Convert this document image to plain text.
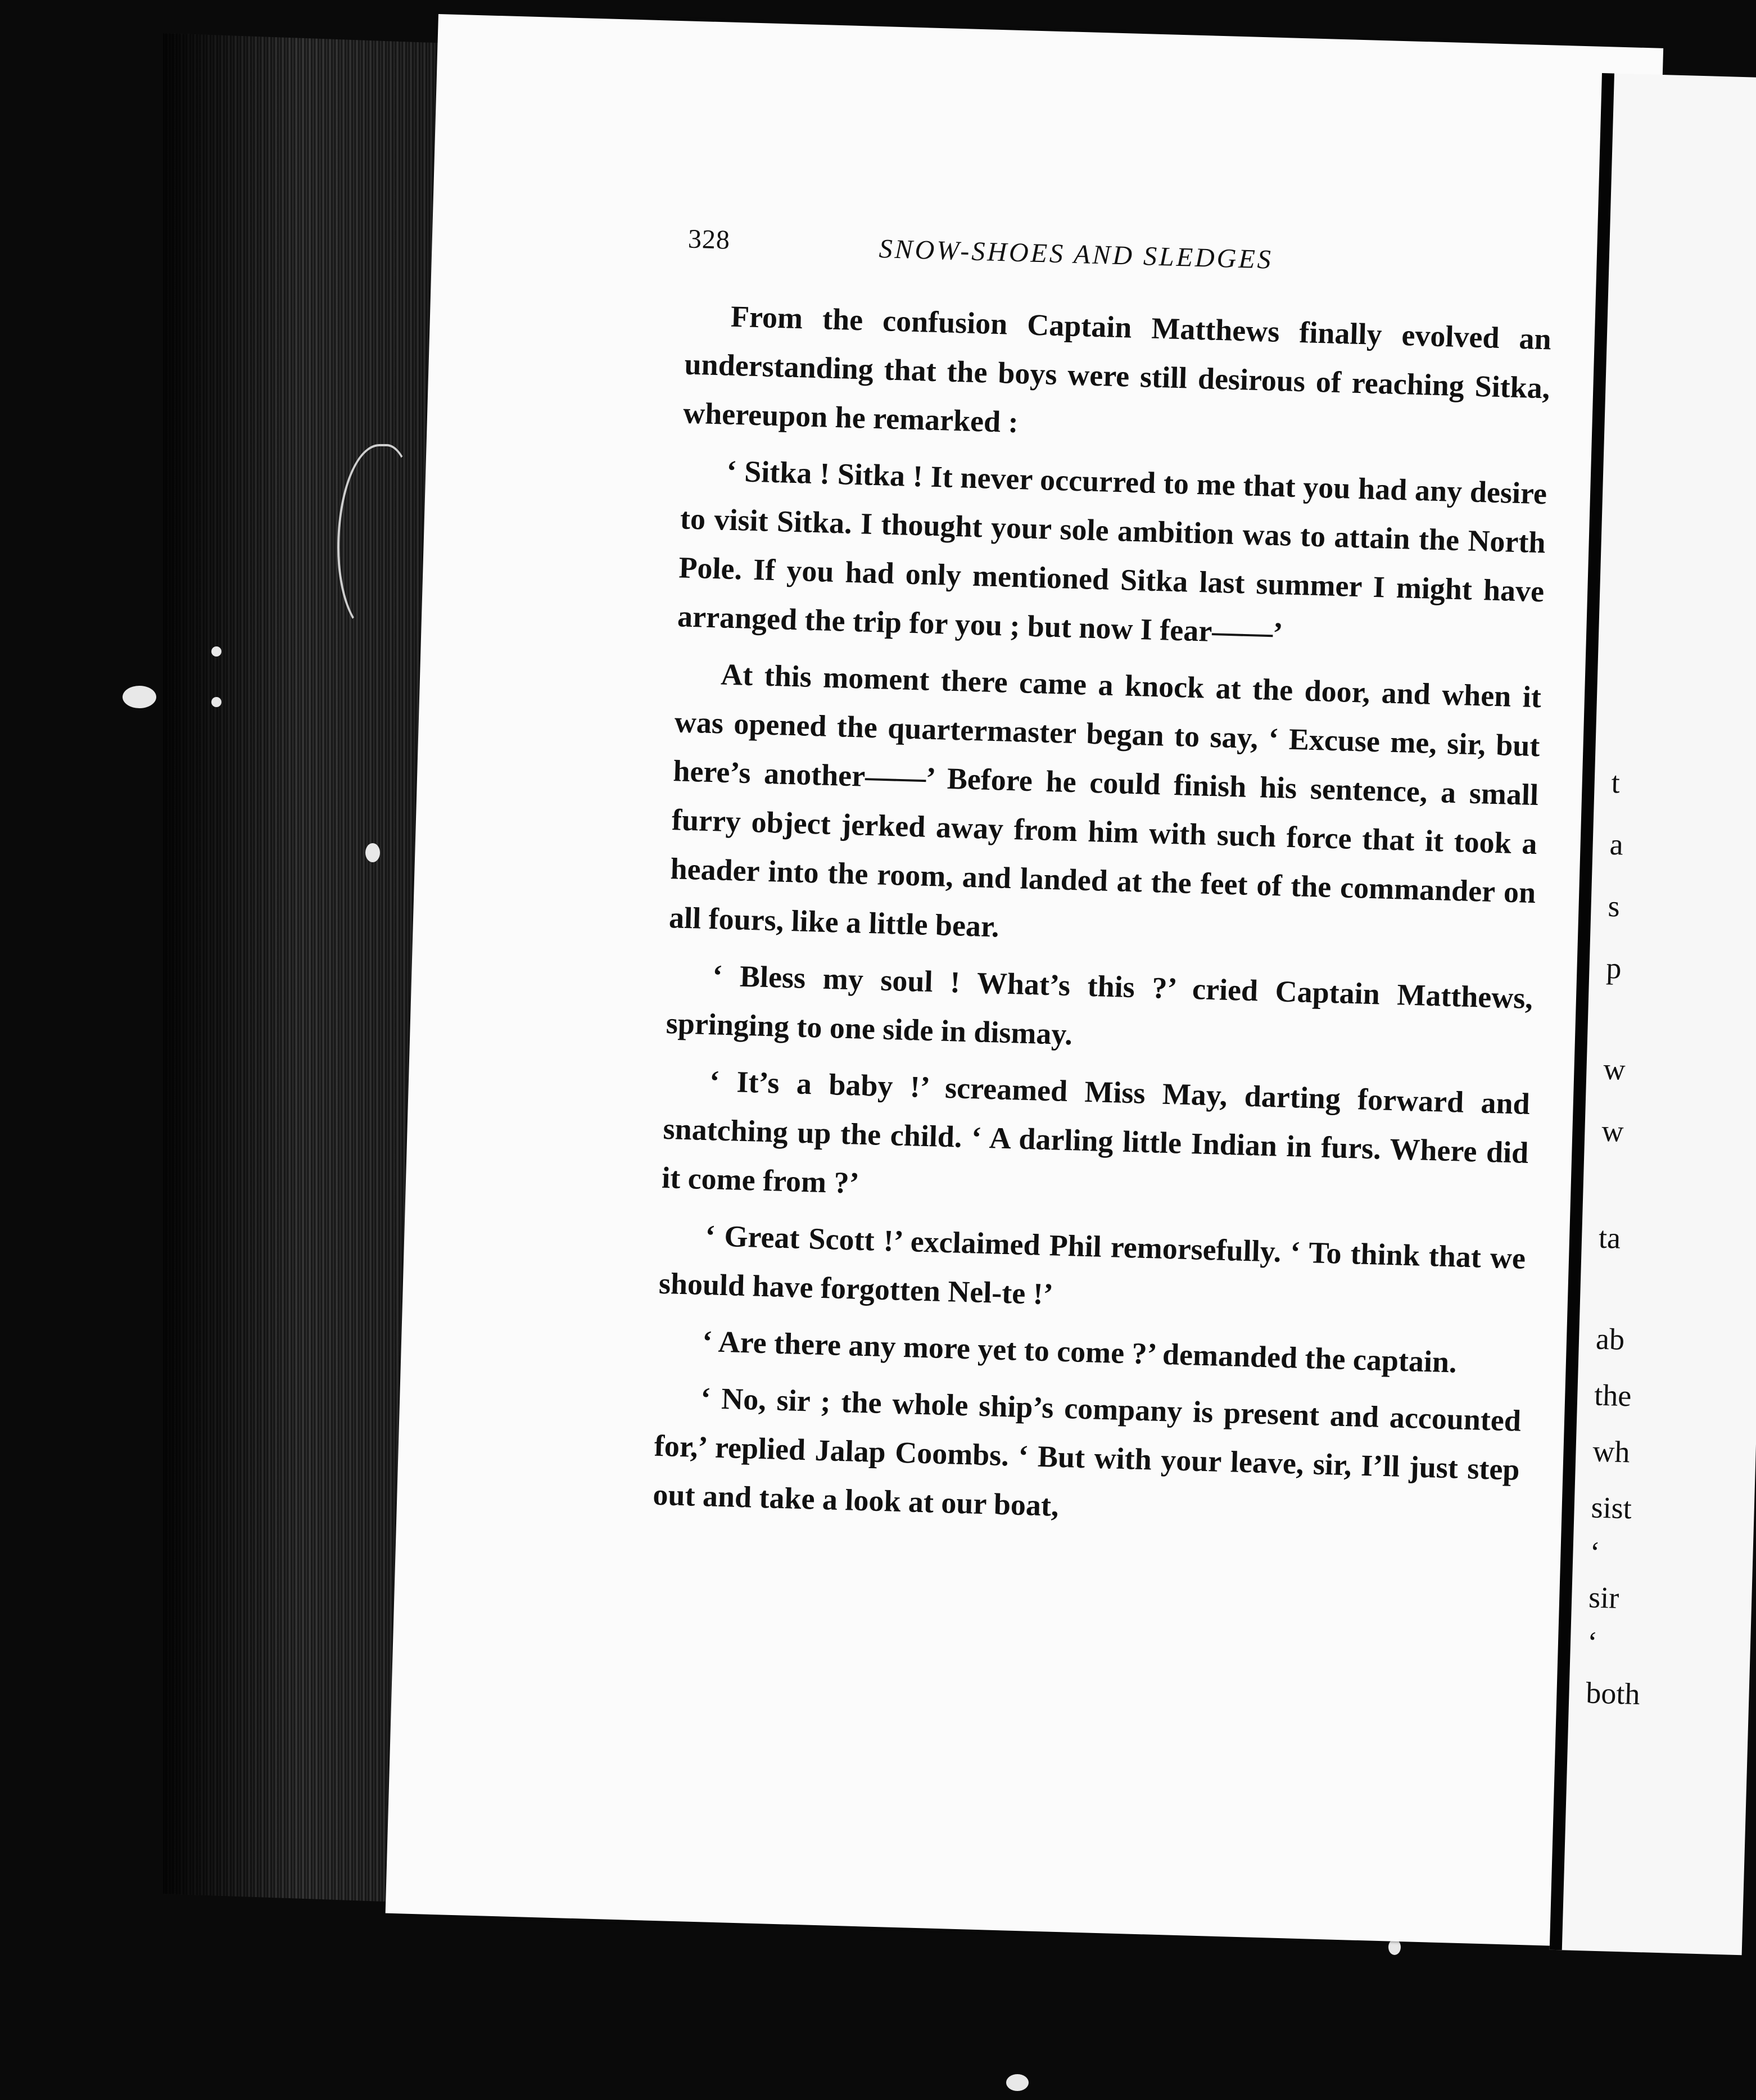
328	SNOW-SHOES AND SLEDGES

From the confusion Captain Matthews finally evolved an understanding that the boys were still desirous of reaching Sitka, whereupon he remarked :

‘ Sitka ! Sitka ! It never occurred to me that you had any desire to visit Sitka. I thought your sole ambition was to attain the North Pole. If you had only mentioned Sitka last summer I might have arranged the trip for you ; but now I fear——’

At this moment there came a knock at the door, and when it was opened the quartermaster began to say, ‘ Excuse me, sir, but here’s another——’ Before he could finish his sentence, a small furry object jerked away from him with such force that it took a header into the room, and landed at the feet of the commander on all fours, like a little bear.

‘ Bless my soul ! What’s this ?’ cried Captain Matthews, springing to one side in dismay.

‘ It’s a baby !’ screamed Miss May, darting forward and snatching up the child. ‘ A darling little Indian in furs. Where did it come from ?’

‘ Great Scott !’ exclaimed Phil remorsefully. ‘ To think that we should have forgotten Nel-te !’

‘ Are there any more yet to come ?’ demanded the captain.

‘ No, sir ; the whole ship’s company is present and accounted for,’ replied Jalap Coombs. ‘ But with your leave, sir, I’ll just step out and take a look at our boat,

t
a
s
p
w
w
ta
ab
the
wh
sist
‘
sir
‘
both
